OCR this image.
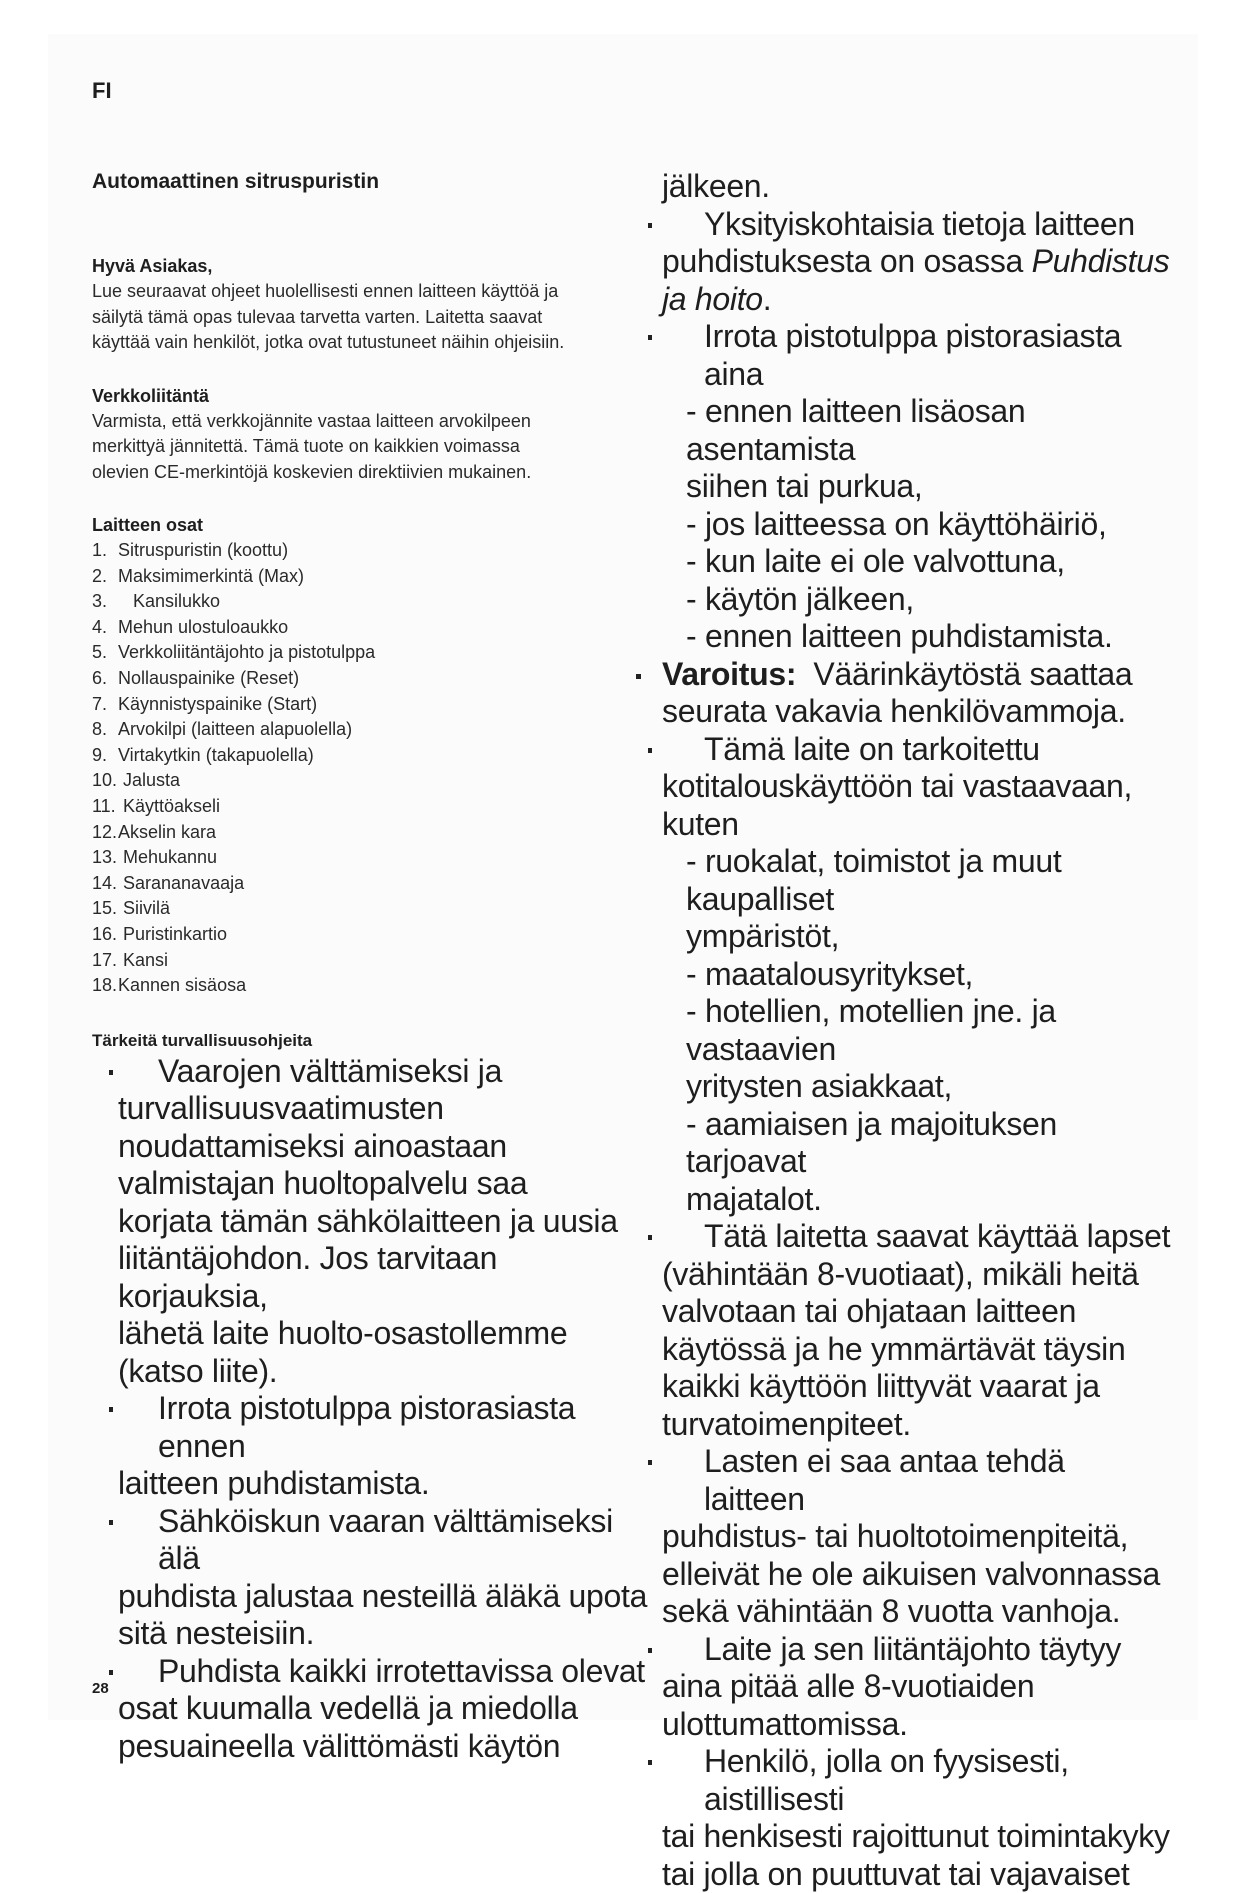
FI
Automaattinen sitruspuristin
Hyvä Asiakas,
Lue seuraavat ohjeet huolellisesti ennen laitteen käyttöä ja
säilytä tämä opas tulevaa tarvetta varten. Laitetta saavat
käyttää vain henkilöt, jotka ovat tutustuneet näihin ohjeisiin.
Verkkoliitäntä
Varmista, että verkkojännite vastaa laitteen arvokilpeen
merkittyä jännitettä. Tämä tuote on kaikkien voimassa
olevien CE-merkintöjä koskevien direktiivien mukainen.
Laitteen osat
1. Sitruspuristin (koottu)
2. Maksimimerkintä (Max)
3.   Kansilukko
4. Mehun ulostuloaukko
5. Verkkoliitäntäjohto ja pistotulppa
6. Nollauspainike (Reset)
7. Käynnistyspainike (Start)
8. Arvokilpi (laitteen alapuolella)
9. Virtakytkin (takapuolella)
10. Jalusta
11. Käyttöakseli
12.Akselin kara
13. Mehukannu
14. Sarananavaaja
15. Siivilä
16. Puristinkartio
17. Kansi
18.Kannen sisäosa
Tärkeitä turvallisuusohjeita
Vaarojen välttämiseksi ja
turvallisuusvaatimusten
noudattamiseksi ainoastaan
valmistajan huoltopalvelu saa
korjata tämän sähkölaitteen ja uusia
liitäntäjohdon. Jos tarvitaan korjauksia,
lähetä laite huolto-osastollemme
(katso liite).
Irrota pistotulppa pistorasiasta ennen
laitteen puhdistamista.
Sähköiskun vaaran välttämiseksi älä
puhdista jalustaa nesteillä äläkä upota
sitä nesteisiin.
Puhdista kaikki irrotettavissa olevat
osat kuumalla vedellä ja miedolla
pesuaineella välittömästi käytön
jälkeen.
Yksityiskohtaisia tietoja laitteen
puhdistuksesta on osassa Puhdistus
ja hoito.
Irrota pistotulppa pistorasiasta aina
- ennen laitteen lisäosan asentamista
siihen tai purkua,
- jos laitteessa on käyttöhäiriö,
- kun laite ei ole valvottuna,
- käytön jälkeen,
- ennen laitteen puhdistamista.
Varoitus:  Väärinkäytöstä saattaa
seurata vakavia henkilövammoja.
Tämä laite on tarkoitettu
kotitalouskäyttöön tai vastaavaan,
kuten
- ruokalat, toimistot ja muut kaupalliset
ympäristöt,
- maatalousyritykset,
- hotellien, motellien jne. ja vastaavien
yritysten asiakkaat,
- aamiaisen ja majoituksen tarjoavat
majatalot.
Tätä laitetta saavat käyttää lapset
(vähintään 8-vuotiaat), mikäli heitä
valvotaan tai ohjataan laitteen
käytössä ja he ymmärtävät täysin
kaikki käyttöön liittyvät vaarat ja
turvatoimenpiteet.
Lasten ei saa antaa tehdä laitteen
puhdistus- tai huoltotoimenpiteitä,
elleivät he ole aikuisen valvonnassa
sekä vähintään 8 vuotta vanhoja.
Laite ja sen liitäntäjohto täytyy
aina pitää alle 8-vuotiaiden
ulottumattomissa.
Henkilö, jolla on fyysisesti, aistillisesti
tai henkisesti rajoittunut toimintakyky
tai jolla on puuttuvat tai vajavaiset
28
